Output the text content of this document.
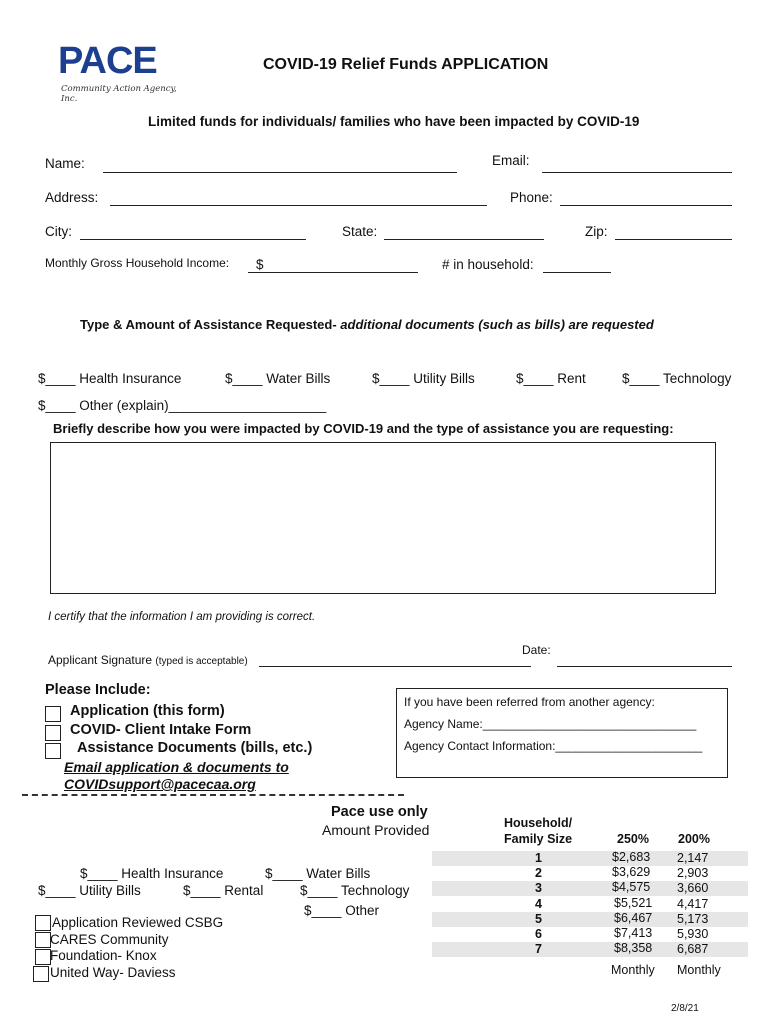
PACE
Community Action Agency, Inc.
COVID-19 Relief Funds APPLICATION
Limited funds for individuals/ families who have been impacted by COVID-19
Name:	Email:
Address:	Phone:
City:	State:	Zip:
Monthly Gross Household Income: $	# in household:
Type & Amount of Assistance Requested- additional documents (such as bills) are requested
$____ Health Insurance	$____ Water Bills	$____ Utility Bills	$____ Rent	$____ Technology
$____ Other (explain)_____________________
Briefly describe how you were impacted by COVID-19 and the type of assistance you are requesting:
I certify that the information I am providing is correct.
Date:
Applicant Signature (typed is acceptable)
Please Include:
Application (this form)
COVID- Client Intake Form
Assistance Documents (bills, etc.)
Email application & documents to
COVIDsupport@pacecaa.org
If you have been referred from another agency:
Agency Name:________________________________
Agency Contact Information:______________________
Pace use only
Amount Provided
$____ Health Insurance	$____ Water Bills
$____ Utility Bills	$____ Rental	$____ Technology
$____ Other
Application Reviewed CSBG
CARES Community
Foundation- Knox
United Way- Daviess
Household/
Family Size	250% 200%
1	$2,683 2,147
2	$3,629 2,903
3	$4,575 3,660
4	$5,521 4,417
5	$6,467 5,173
6	$7,413 5,930
7	$8,358 6,687
Monthly Monthly
2/8/21
